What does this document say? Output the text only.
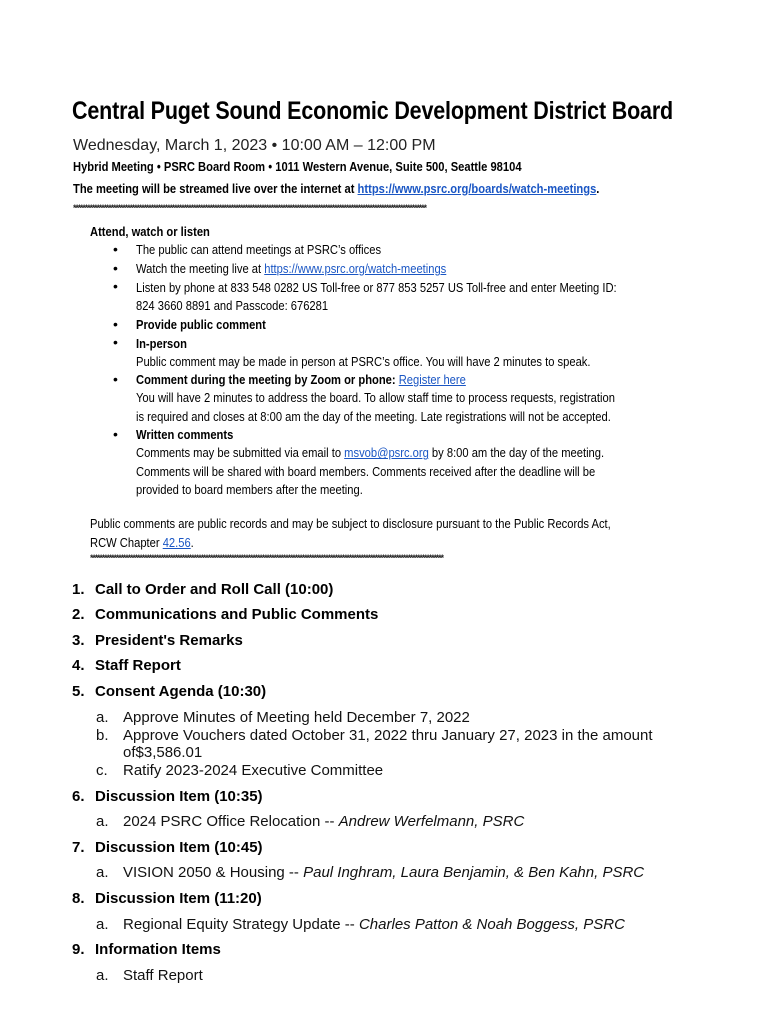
Central Puget Sound Economic Development District Board
Wednesday, March 1, 2023 • 10:00 AM – 12:00 PM
Hybrid Meeting • PSRC Board Room • 1011 Western Avenue, Suite 500, Seattle 98104
The meeting will be streamed live over the internet at https://www.psrc.org/boards/watch-meetings.
******************************************************************************************************************************************************
Attend, watch or listen
• The public can attend meetings at PSRC’s offices
• Watch the meeting live at https://www.psrc.org/watch-meetings
• Listen by phone at 833 548 0282 US Toll-free or 877 853 5257 US Toll-free and enter Meeting ID:
824 3660 8891 and Passcode: 676281
• Provide public comment
• In-person
Public comment may be made in person at PSRC’s office. You will have 2 minutes to speak.
• Comment during the meeting by Zoom or phone: Register here
You will have 2 minutes to address the board. To allow staff time to process requests, registration
is required and closes at 8:00 am the day of the meeting. Late registrations will not be accepted.
• Written comments
Comments may be submitted via email to msvob@psrc.org by 8:00 am the day of the meeting.
Comments will be shared with board members. Comments received after the deadline will be
provided to board members after the meeting.
Public comments are public records and may be subject to disclosure pursuant to the Public Records Act,
RCW Chapter 42.56.
******************************************************************************************************************************************************
1. Call to Order and Roll Call (10:00)
2. Communications and Public Comments
3. President's Remarks
4. Staff Report
5. Consent Agenda (10:30)
a. Approve Minutes of Meeting held December 7, 2022
b. Approve Vouchers dated October 31, 2022 thru January 27, 2023 in the amount
of$3,586.01
c. Ratify 2023-2024 Executive Committee
6. Discussion Item (10:35)
a. 2024 PSRC Office Relocation -- Andrew Werfelmann, PSRC
7. Discussion Item (10:45)
a. VISION 2050 & Housing -- Paul Inghram, Laura Benjamin, & Ben Kahn, PSRC
8. Discussion Item (11:20)
a. Regional Equity Strategy Update -- Charles Patton & Noah Boggess, PSRC
9. Information Items
a. Staff Report
